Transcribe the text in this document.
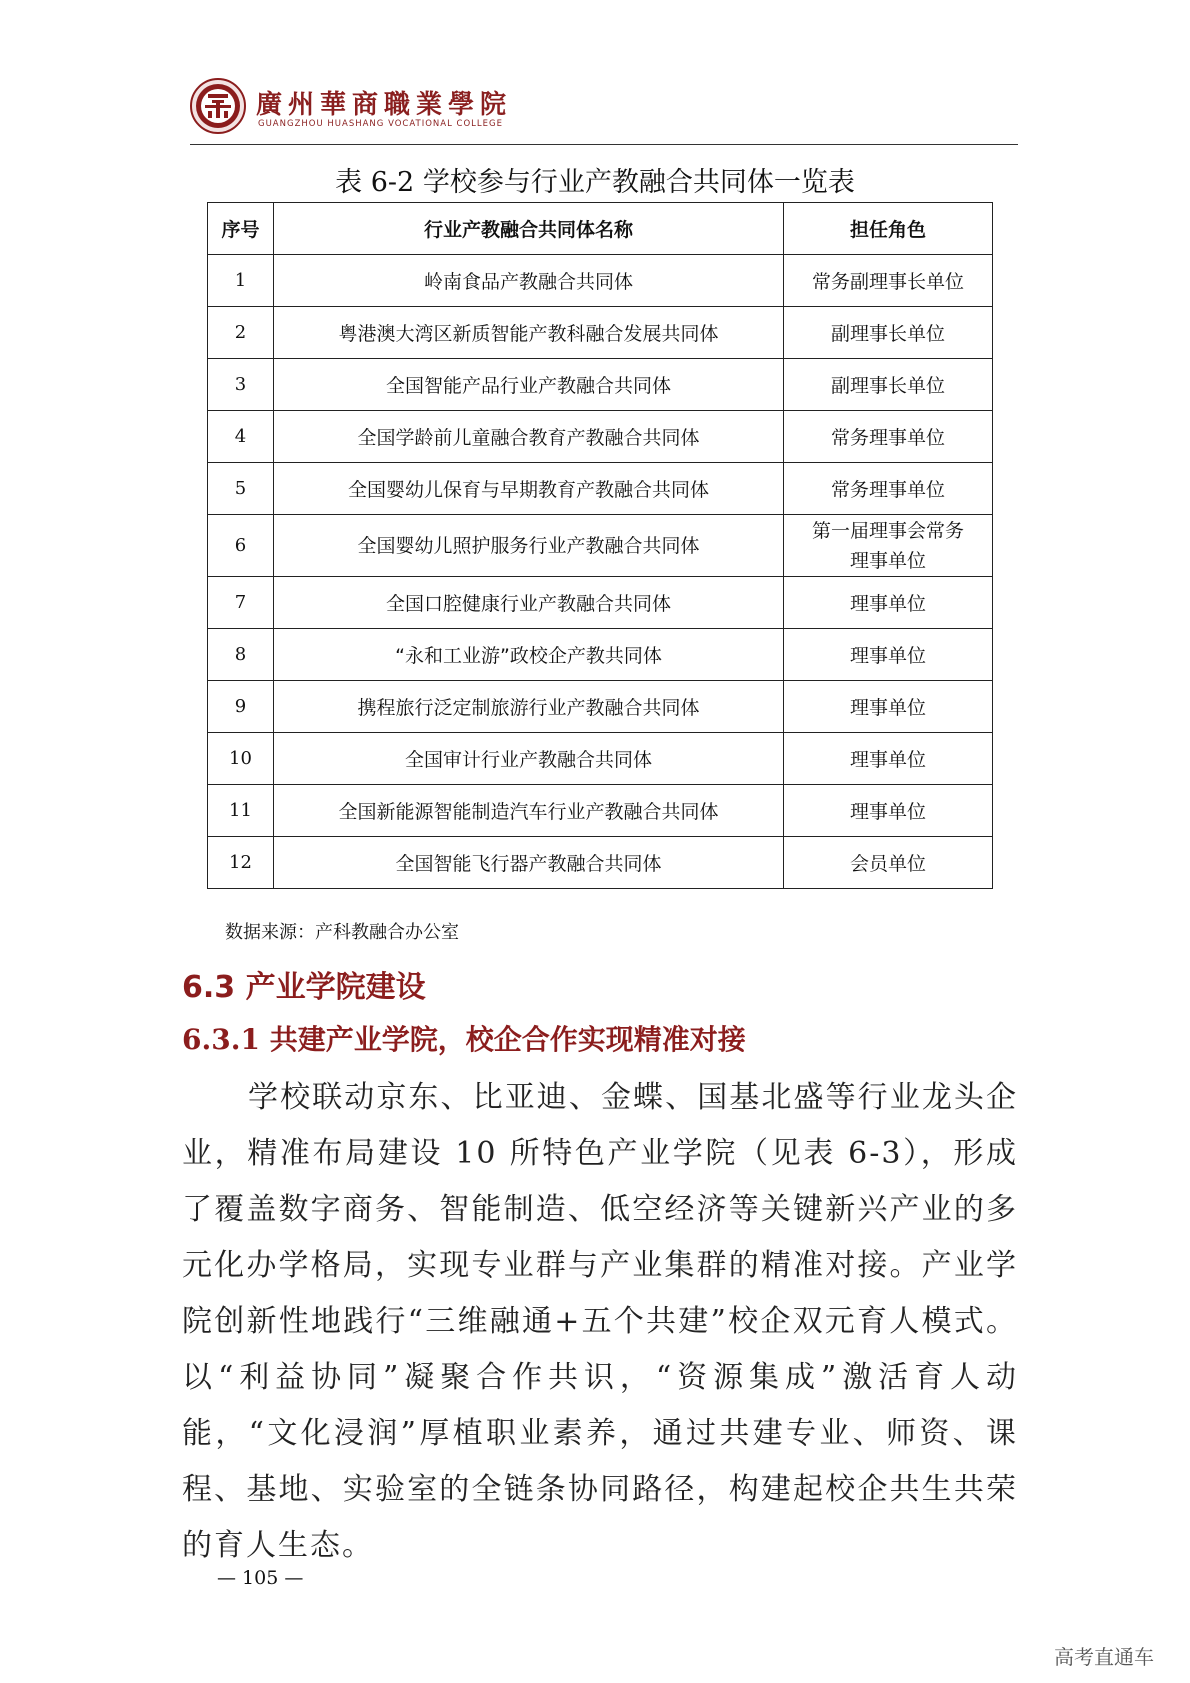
廣州華商職業學院
GUANGZHOU HUASHANG VOCATIONAL COLLEGE
表 6-2 学校参与行业产教融合共同体一览表
序号	行业产教融合共同体名称	担任角色
1	岭南食品产教融合共同体	常务副理事长单位
2	粤港澳大湾区新质智能产教科融合发展共同体	副理事长单位
3	全国智能产品行业产教融合共同体	副理事长单位
4	全国学龄前儿童融合教育产教融合共同体	常务理事单位
5	全国婴幼儿保育与早期教育产教融合共同体	常务理事单位
6	全国婴幼儿照护服务行业产教融合共同体	第一届理事会常务
理事单位
7	全国口腔健康行业产教融合共同体	理事单位
8	“永和工业游”政校企产教共同体	理事单位
9	携程旅行泛定制旅游行业产教融合共同体	理事单位
10	全国审计行业产教融合共同体	理事单位
11	全国新能源智能制造汽车行业产教融合共同体	理事单位
12	全国智能飞行器产教融合共同体	会员单位
数据来源：产科教融合办公室
6.3 产业学院建设
6.3.1 共建产业学院，校企合作实现精准对接

学校联动京东、比亚迪、金蝶、国基北盛等行业龙头企业，精准布局建设 10 所特色产业学院（见表 6-3），形成了覆盖数字商务、智能制造、低空经济等关键新兴产业的多元化办学格局，实现专业群与产业集群的精准对接。产业学院创新性地践行“三维融通+五个共建”校企双元育人模式。以“利益协同”凝聚合作共识，“资源集成”激活育人动能，“文化浸润”厚植职业素养，通过共建专业、师资、课程、基地、实验室的全链条协同路径，构建起校企共生共荣的育人生态。

— 105 —
高考直通车
